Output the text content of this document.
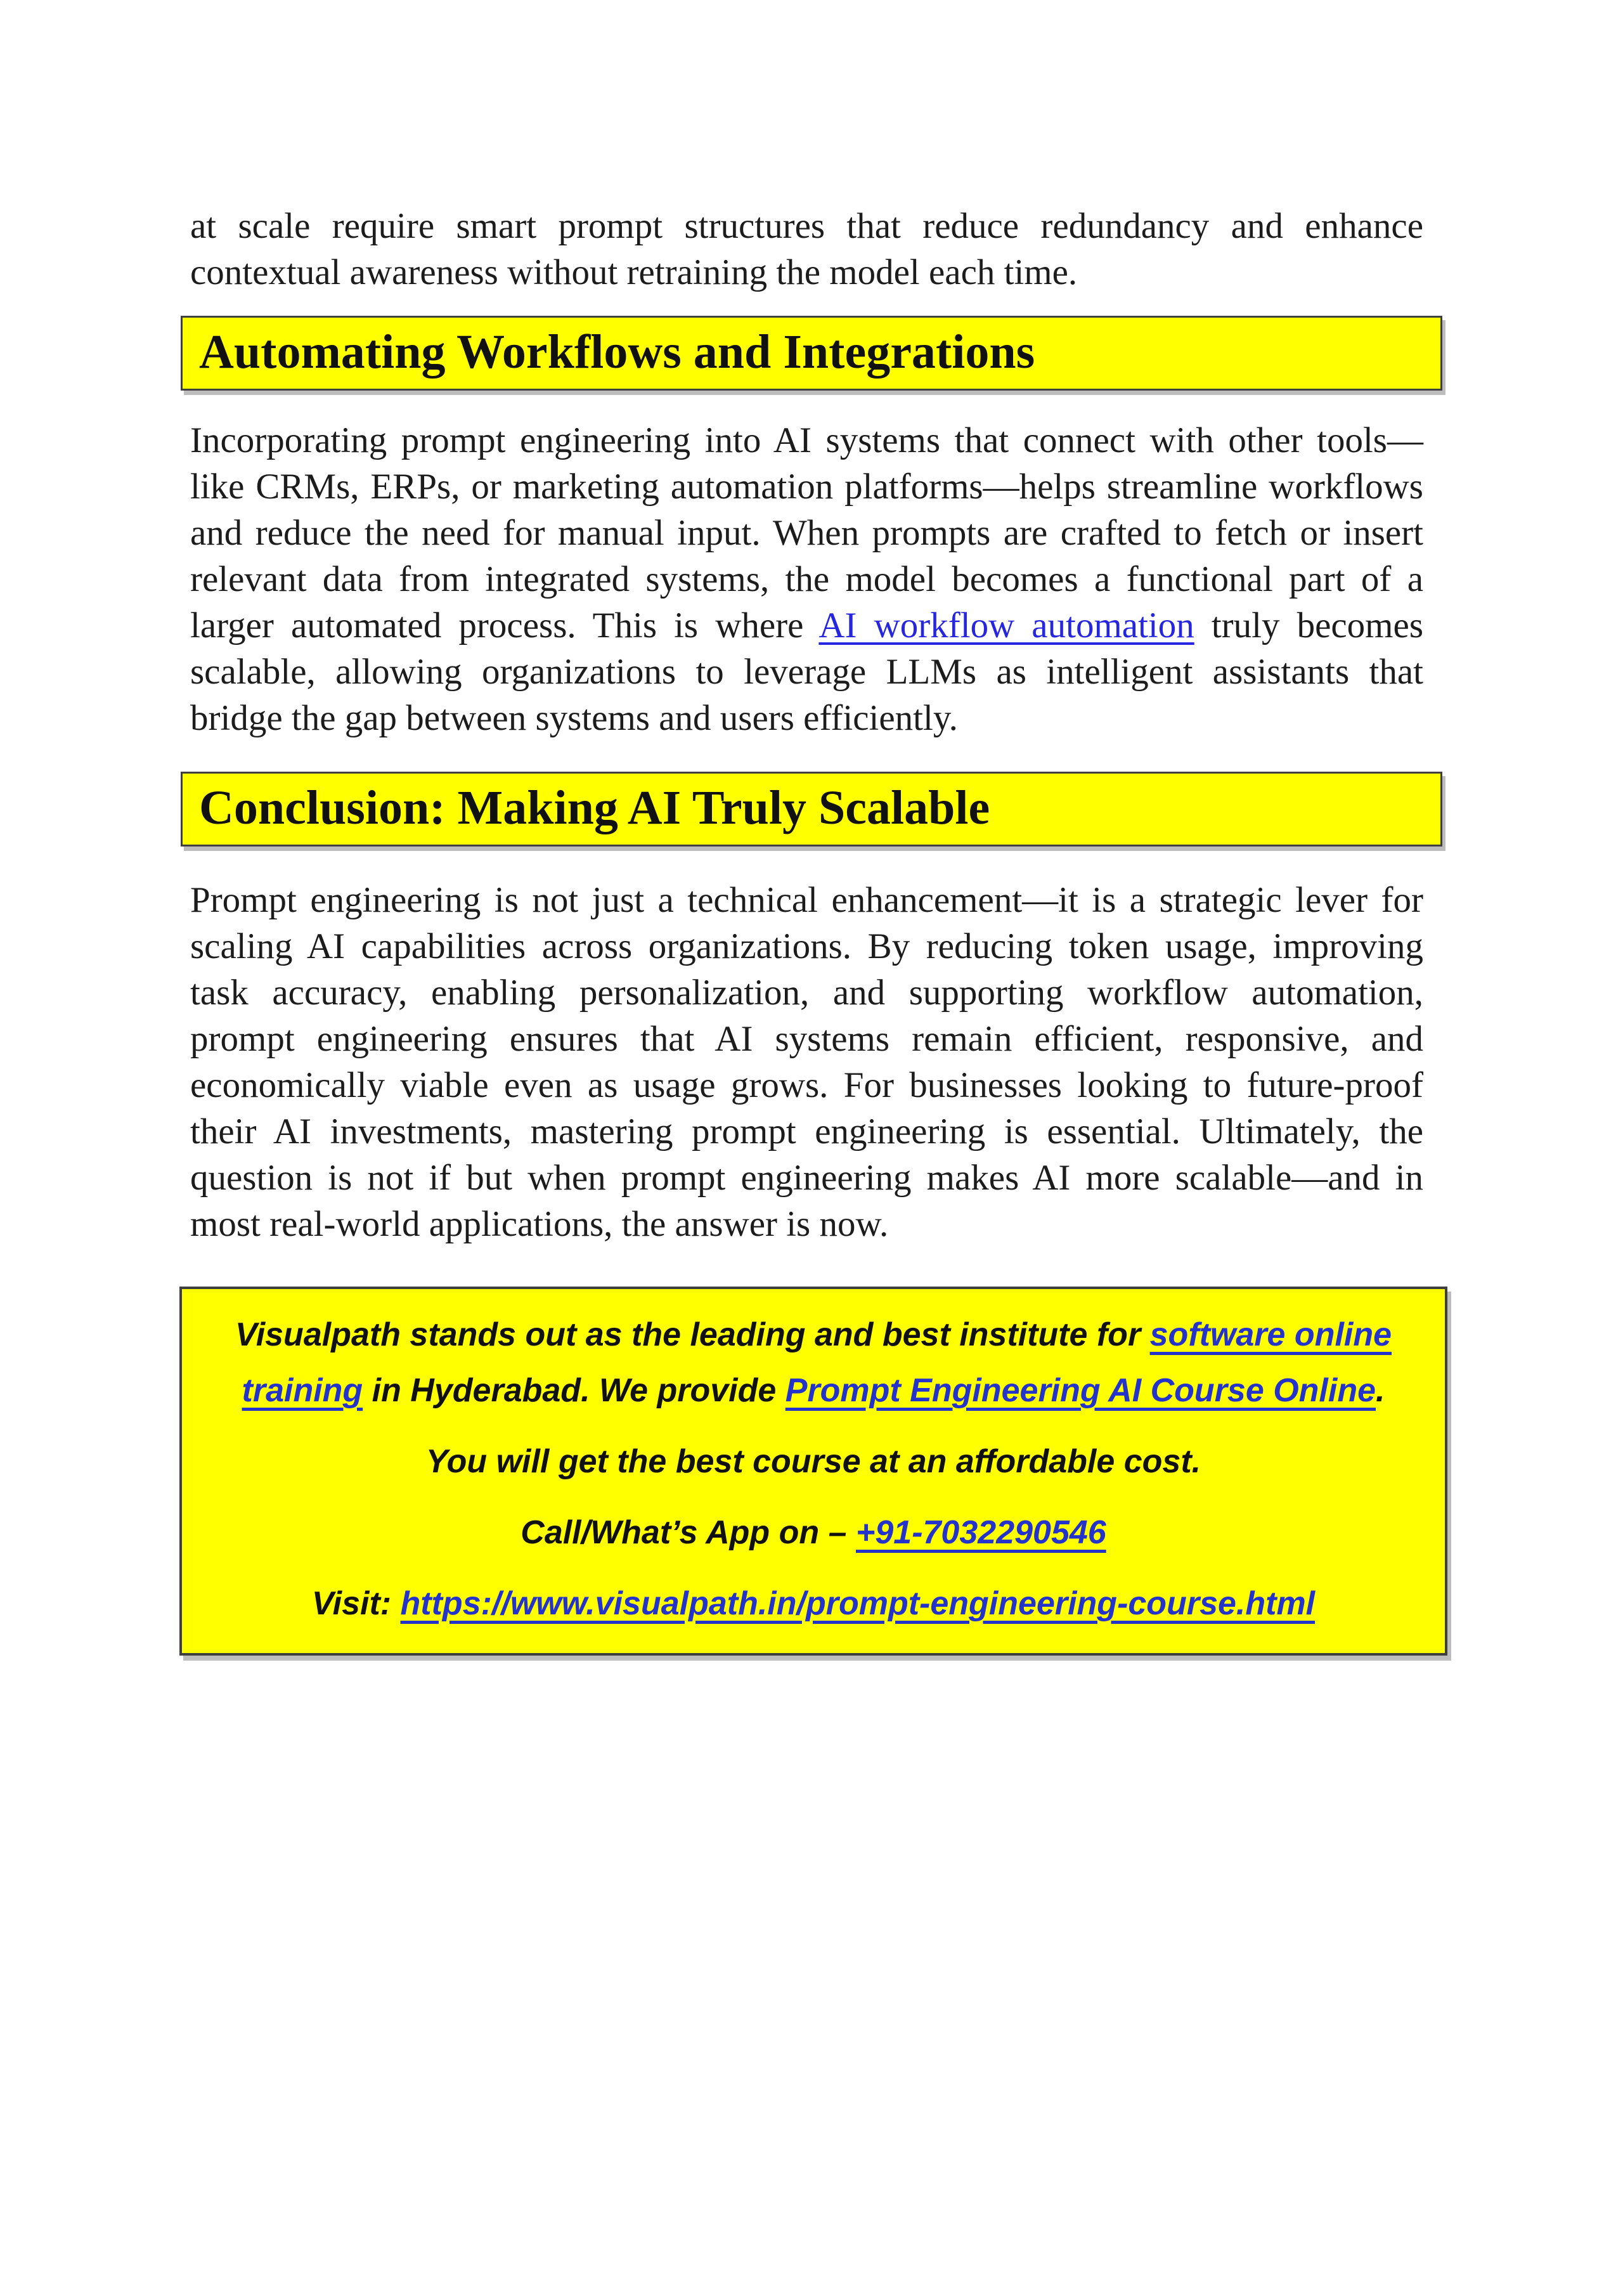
at scale require smart prompt structures that reduce redundancy and enhance contextual awareness without retraining the model each time.

Automating Workflows and Integrations

Incorporating prompt engineering into AI systems that connect with other tools—like CRMs, ERPs, or marketing automation platforms—helps streamline workflows and reduce the need for manual input. When prompts are crafted to fetch or insert relevant data from integrated systems, the model becomes a functional part of a larger automated process. This is where AI workflow automation truly becomes scalable, allowing organizations to leverage LLMs as intelligent assistants that bridge the gap between systems and users efficiently.

Conclusion: Making AI Truly Scalable

Prompt engineering is not just a technical enhancement—it is a strategic lever for scaling AI capabilities across organizations. By reducing token usage, improving task accuracy, enabling personalization, and supporting workflow automation, prompt engineering ensures that AI systems remain efficient, responsive, and economically viable even as usage grows. For businesses looking to future-proof their AI investments, mastering prompt engineering is essential. Ultimately, the question is not if but when prompt engineering makes AI more scalable—and in most real-world applications, the answer is now.

Visualpath stands out as the leading and best institute for software online training in Hyderabad. We provide Prompt Engineering AI Course Online.

You will get the best course at an affordable cost.

Call/What’s App on – +91-7032290546

Visit: https://www.visualpath.in/prompt-engineering-course.html
